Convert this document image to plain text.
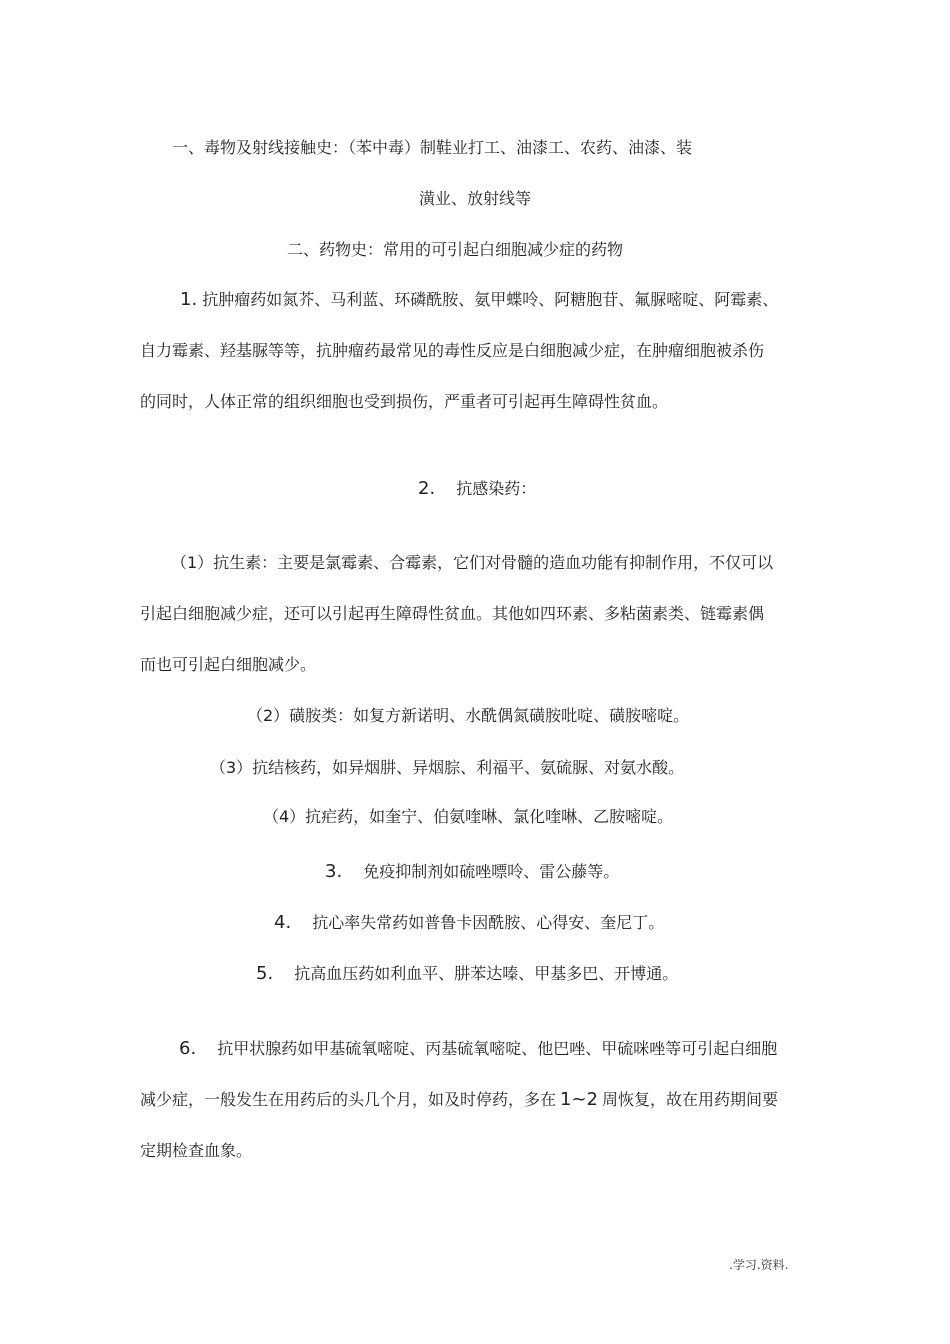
一、毒物及射线接触史：（苯中毒）制鞋业打工、油漆工、农药、油漆、装
潢业、放射线等
二、药物史：常用的可引起白细胞减少症的药物
1. 抗肿瘤药如氮芥、马利蓝、环磷酰胺、氨甲蝶呤、阿糖胞苷、氟脲嘧啶、阿霉素、
自力霉素、羟基脲等等，抗肿瘤药最常见的毒性反应是白细胞减少症，在肿瘤细胞被杀伤
的同时，人体正常的组织细胞也受到损伤，严重者可引起再生障碍性贫血。
2. 抗感染药：
（1）抗生素：主要是氯霉素、合霉素，它们对骨髓的造血功能有抑制作用，不仅可以
引起白细胞减少症，还可以引起再生障碍性贫血。其他如四环素、多粘菌素类、链霉素偶
而也可引起白细胞减少。
（2）磺胺类：如复方新诺明、水酰偶氮磺胺吡啶、磺胺嘧啶。
（3）抗结核药，如异烟肼、异烟腙、利福平、氨硫脲、对氨水酸。
（4）抗疟药，如奎宁、伯氨喹啉、氯化喹啉、乙胺嘧啶。
3. 免疫抑制剂如硫唑嘌呤、雷公藤等。
4. 抗心率失常药如普鲁卡因酰胺、心得安、奎尼丁。
5. 抗高血压药如利血平、肼苯达嗪、甲基多巴、开博通。
6. 抗甲状腺药如甲基硫氧嘧啶、丙基硫氧嘧啶、他巴唑、甲硫咪唑等可引起白细胞
减少症，一般发生在用药后的头几个月，如及时停药，多在 1~2 周恢复，故在用药期间要
定期检查血象。
.学习.资料.
